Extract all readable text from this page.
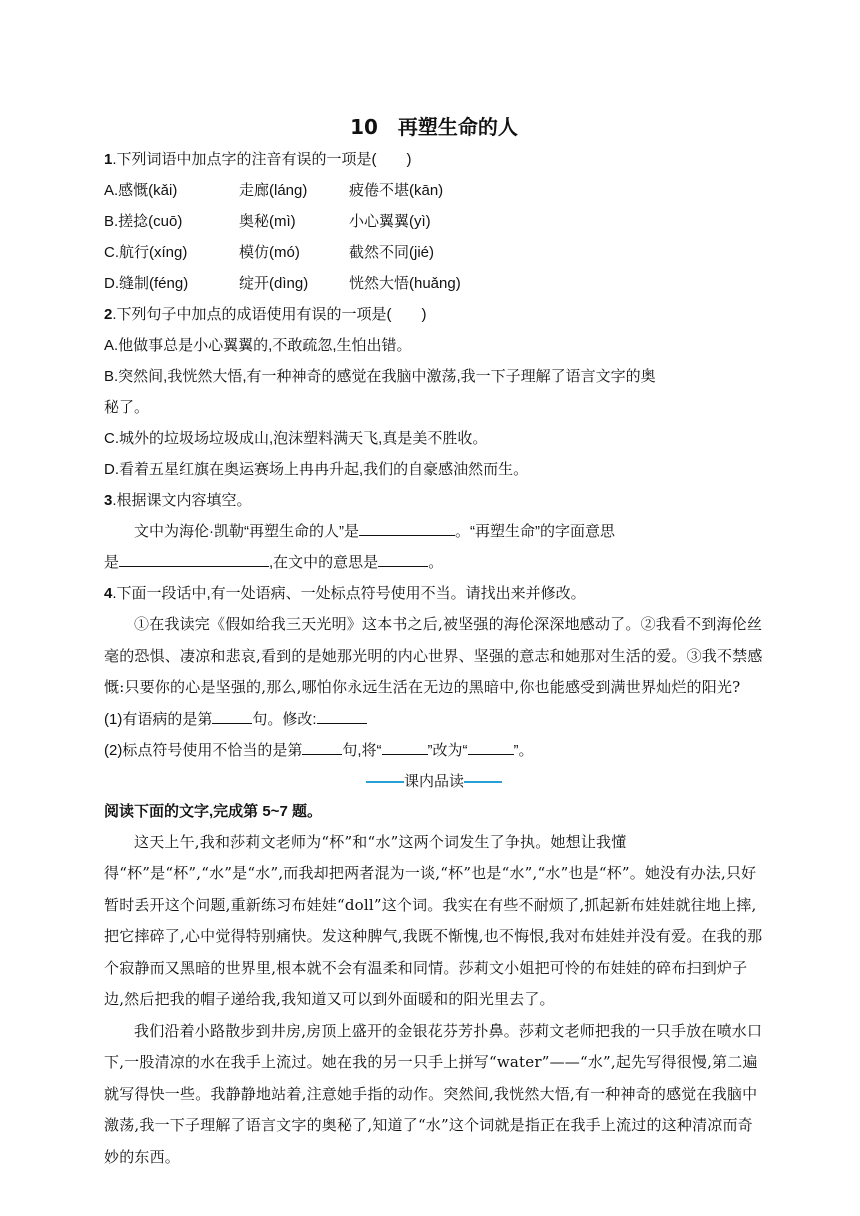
10　再塑生命的人
1.下列词语中加点字的注音有误的一项是(　　)
A.感慨(kǎi)	走廊(láng)	疲倦不堪(kān)
B.搓捻(cuō)	奥秘(mì)	小心翼翼(yì)
C.航行(xíng)	模仿(mó)	截然不同(jié)
D.缝制(féng)	绽开(dìng)	恍然大悟(huǎng)
2.下列句子中加点的成语使用有误的一项是(　　)
A.他做事总是小心翼翼的,不敢疏忽,生怕出错。
B.突然间,我恍然大悟,有一种神奇的感觉在我脑中激荡,我一下子理解了语言文字的奥
秘了。
C.城外的垃圾场垃圾成山,泡沫塑料满天飞,真是美不胜收。
D.看着五星红旗在奥运赛场上冉冉升起,我们的自豪感油然而生。
3.根据课文内容填空。
文中为海伦·凯勒“再塑生命的人”是	。“再塑生命”的字面意思
是	,在文中的意思是	。
4.下面一段话中,有一处语病、一处标点符号使用不当。请找出来并修改。

①在我读完《假如给我三天光明》这本书之后,被坚强的海伦深深地感动了。②我看不到海伦丝毫的恐惧、凄凉和悲哀,看到的是她那光明的内心世界、坚强的意志和她那对生活的爱。③我不禁感慨:只要你的心是坚强的,那么,哪怕你永远生活在无边的黑暗中,你也能感受到满世界灿烂的阳光?

(1)有语病的是第	句。修改:
(2)标点符号使用不恰当的是第	句,将“	”改为“	”。
课内品读
阅读下面的文字,完成第 5~7 题。

这天上午,我和莎莉文老师为“杯”和“水”这两个词发生了争执。她想让我懂得“杯”是“杯”,“水”是“水”,而我却把两者混为一谈,“杯”也是“水”,“水”也是“杯”。她没有办法,只好暂时丢开这个问题,重新练习布娃娃“doll”这个词。我实在有些不耐烦了,抓起新布娃娃就往地上摔,把它摔碎了,心中觉得特别痛快。发这种脾气,我既不惭愧,也不悔恨,我对布娃娃并没有爱。在我的那个寂静而又黑暗的世界里,根本就不会有温柔和同情。莎莉文小姐把可怜的布娃娃的碎布扫到炉子边,然后把我的帽子递给我,我知道又可以到外面暖和的阳光里去了。

我们沿着小路散步到井房,房顶上盛开的金银花芬芳扑鼻。莎莉文老师把我的一只手放在喷水口下,一股清凉的水在我手上流过。她在我的另一只手上拼写“water”——“水”,起先写得很慢,第二遍就写得快一些。我静静地站着,注意她手指的动作。突然间,我恍然大悟,有一种神奇的感觉在我脑中激荡,我一下子理解了语言文字的奥秘了,知道了“水”这个词就是指正在我手上流过的这种清凉而奇妙的东西。
